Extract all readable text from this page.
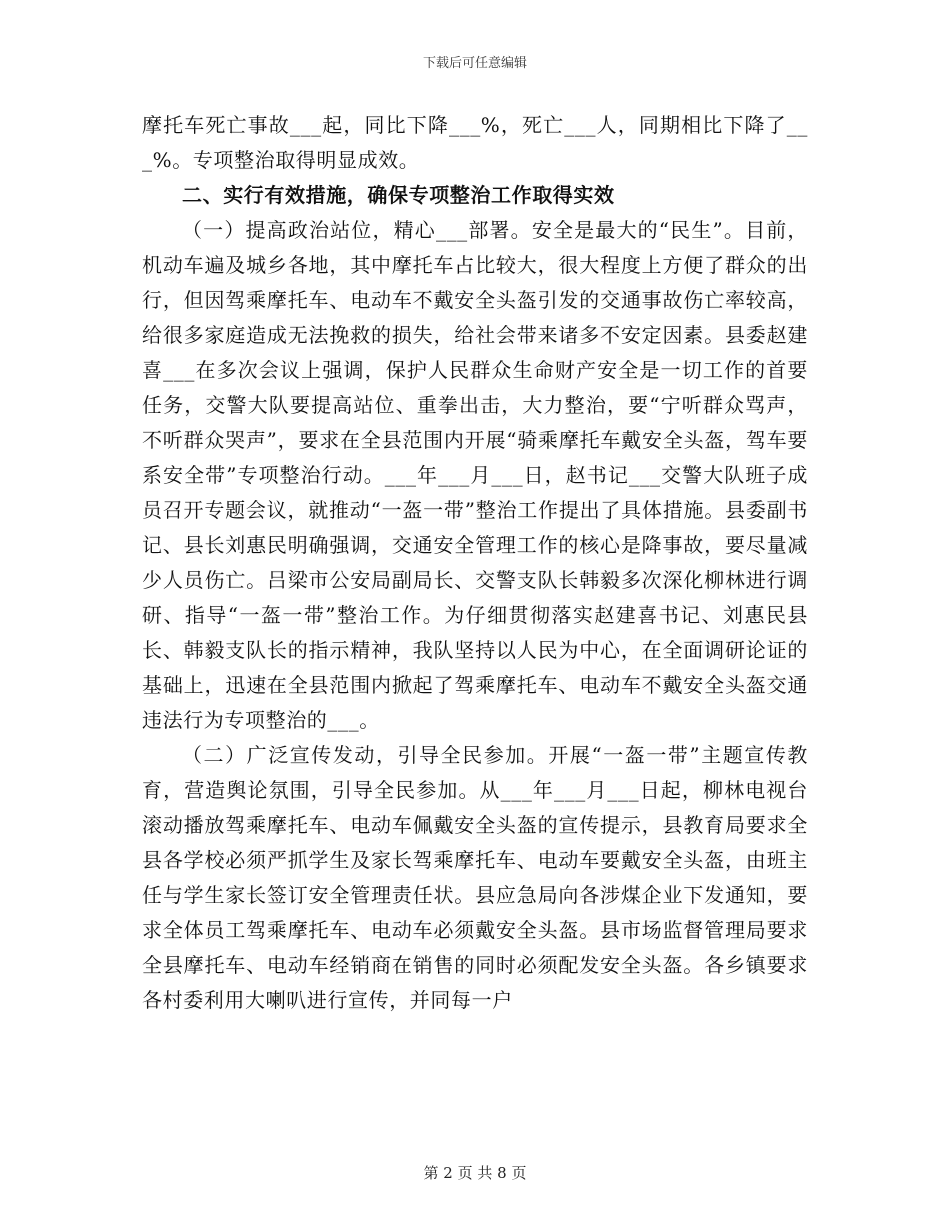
下载后可任意编辑

摩托车死亡事故___起，同比下降___%，死亡___人，同期相比下降了___%。专项整治取得明显成效。

二、实行有效措施，确保专项整治工作取得实效

（一）提高政治站位，精心___部署。安全是最大的“民生”。目前，机动车遍及城乡各地，其中摩托车占比较大，很大程度上方便了群众的出行，但因驾乘摩托车、电动车不戴安全头盔引发的交通事故伤亡率较高，给很多家庭造成无法挽救的损失，给社会带来诸多不安定因素。县委赵建喜___在多次会议上强调，保护人民群众生命财产安全是一切工作的首要任务，交警大队要提高站位、重拳出击，大力整治，要“宁听群众骂声，不听群众哭声”，要求在全县范围内开展“骑乘摩托车戴安全头盔，驾车要系安全带”专项整治行动。___年___月___日，赵书记___交警大队班子成员召开专题会议，就推动“一盔一带”整治工作提出了具体措施。县委副书记、县长刘惠民明确强调，交通安全管理工作的核心是降事故，要尽量减少人员伤亡。吕梁市公安局副局长、交警支队长韩毅多次深化柳林进行调研、指导“一盔一带”整治工作。为仔细贯彻落实赵建喜书记、刘惠民县长、韩毅支队长的指示精神，我队坚持以人民为中心，在全面调研论证的基础上，迅速在全县范围内掀起了驾乘摩托车、电动车不戴安全头盔交通违法行为专项整治的___。

（二）广泛宣传发动，引导全民参加。开展“一盔一带”主题宣传教育，营造舆论氛围，引导全民参加。从___年___月___日起，柳林电视台滚动播放驾乘摩托车、电动车佩戴安全头盔的宣传提示，县教育局要求全县各学校必须严抓学生及家长驾乘摩托车、电动车要戴安全头盔，由班主任与学生家长签订安全管理责任状。县应急局向各涉煤企业下发通知，要求全体员工驾乘摩托车、电动车必须戴安全头盔。县市场监督管理局要求全县摩托车、电动车经销商在销售的同时必须配发安全头盔。各乡镇要求各村委利用大喇叭进行宣传，并同每一户

第 2 页 共 8 页
